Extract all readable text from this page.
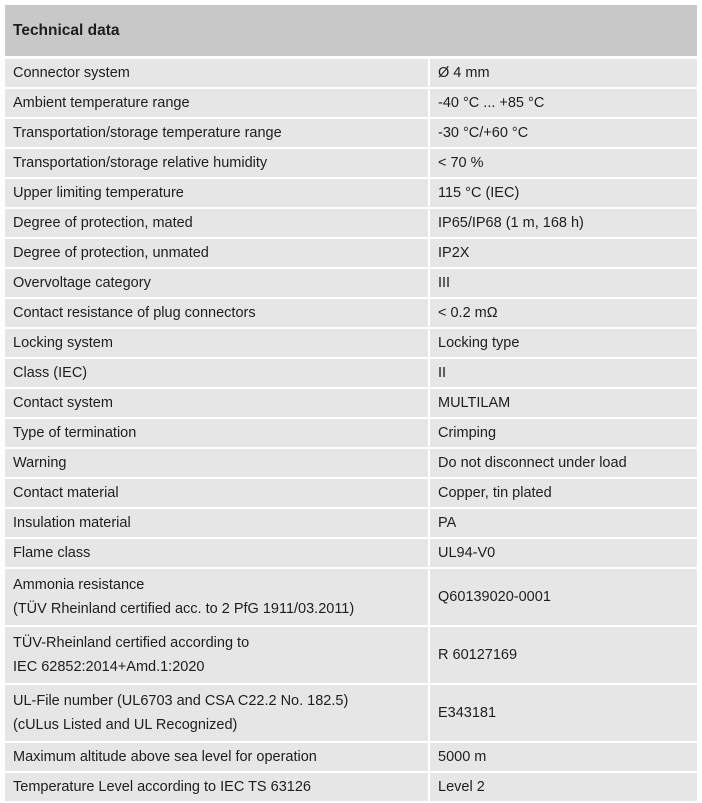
Technical data
Connector system	Ø 4 mm

Ambient temperature range	-40 °C ... +85 °C

Transportation/storage temperature range	-30 °C/+60 °C

Transportation/storage relative humidity	< 70 %

Upper limiting temperature	115 °C (IEC)

Degree of protection, mated	IP65/IP68 (1 m, 168 h)

Degree of protection, unmated	IP2X

Overvoltage category	III

Contact resistance of plug connectors	< 0.2 mΩ

Locking system	Locking type

Class (IEC)	II

Contact system	MULTILAM

Type of termination	Crimping

Warning	Do not disconnect under load

Contact material	Copper, tin plated

Insulation material	PA

Flame class	UL94-V0

Ammonia resistance
(TÜV Rheinland certified acc. to 2 PfG 1911/03.2011)	Q60139020-0001

TÜV-Rheinland certified according to
IEC 62852:2014+Amd.1:2020	R 60127169

UL-File number (UL6703 and CSA C22.2 No. 182.5)
(cULus Listed and UL Recognized)	E343181

Maximum altitude above sea level for operation	5000 m

Temperature Level according to IEC TS 63126	Level 2
